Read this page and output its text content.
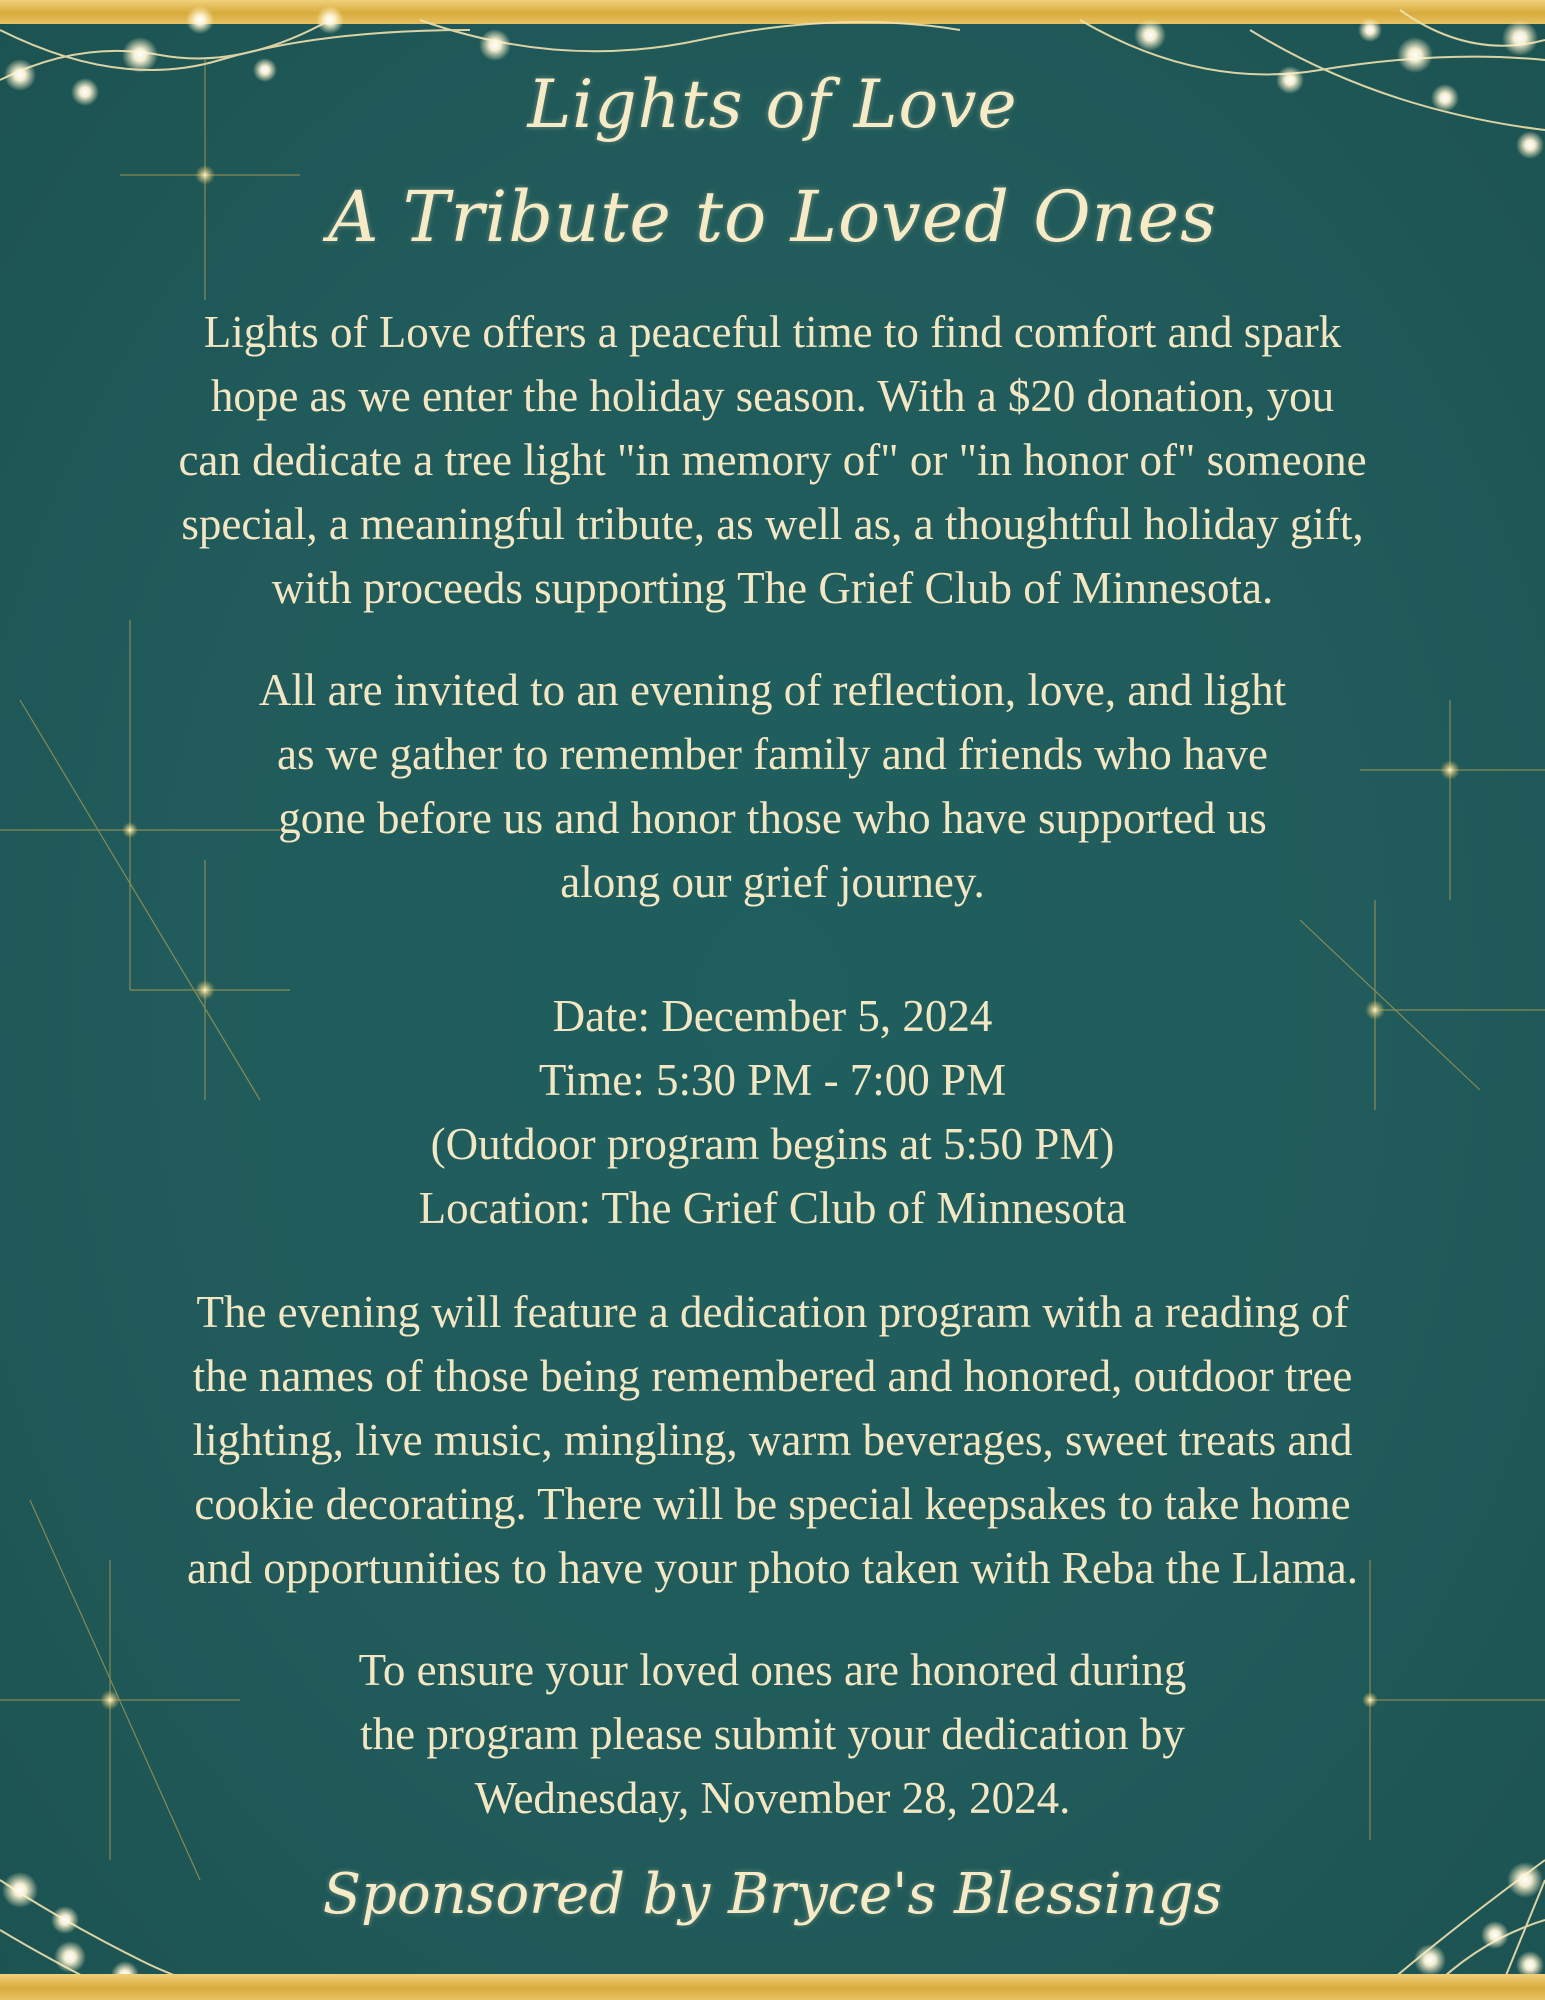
Lights of Love
A Tribute to Loved Ones
Lights of Love offers a peaceful time to find comfort and spark
hope as we enter the holiday season. With a $20 donation, you
can dedicate a tree light "in memory of" or "in honor of" someone
special, a meaningful tribute, as well as, a thoughtful holiday gift,
with proceeds supporting The Grief Club of Minnesota.
All are invited to an evening of reflection, love, and light
as we gather to remember family and friends who have
gone before us and honor those who have supported us
along our grief journey.
Date: December 5, 2024
Time: 5:30 PM - 7:00 PM
(Outdoor program begins at 5:50 PM)
Location: The Grief Club of Minnesota
The evening will feature a dedication program with a reading of
the names of those being remembered and honored, outdoor tree
lighting, live music, mingling, warm beverages, sweet treats and
cookie decorating. There will be special keepsakes to take home
and opportunities to have your photo taken with Reba the Llama.
To ensure your loved ones are honored during
the program please submit your dedication by
Wednesday, November 28, 2024.
Sponsored by Bryce's Blessings
